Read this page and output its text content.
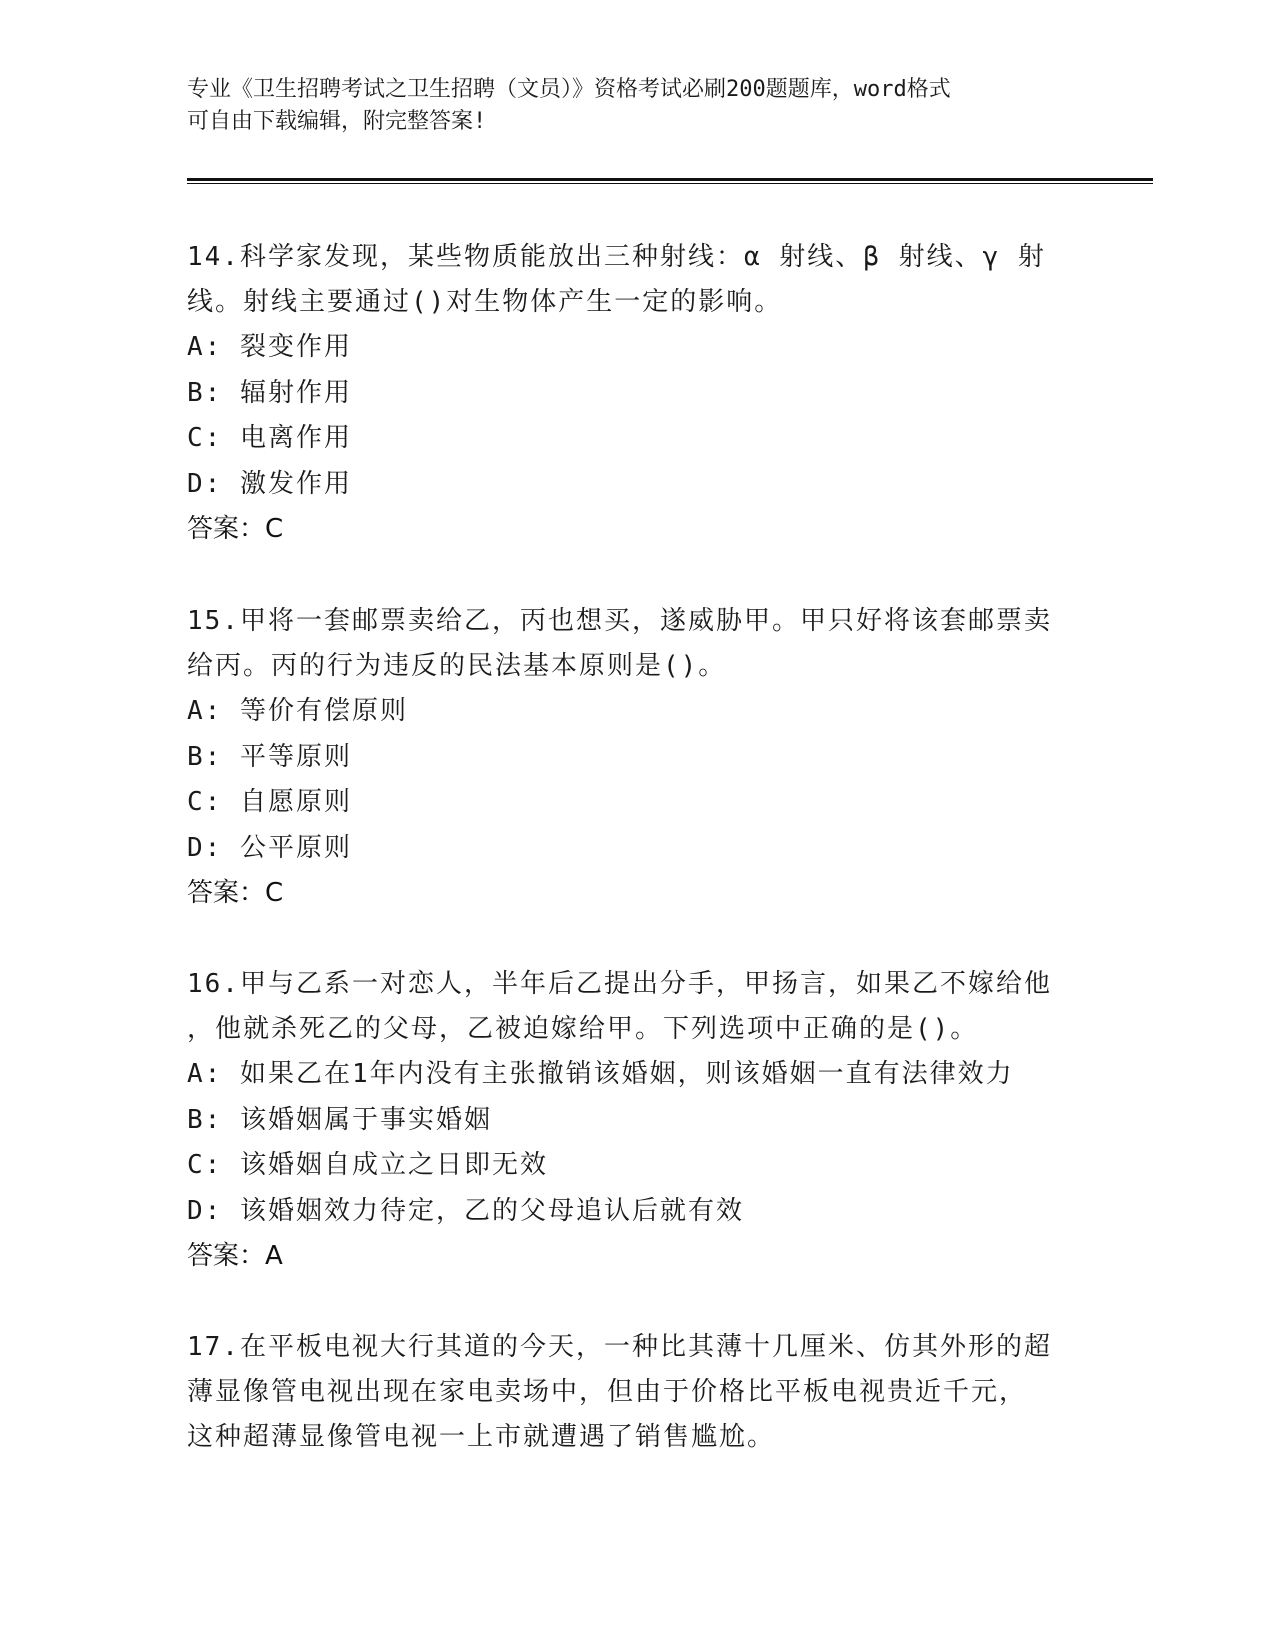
专业《卫生招聘考试之卫生招聘（文员）》资格考试必刷200题题库，word格式
可自由下载编辑，附完整答案!
14.科学家发现，某些物质能放出三种射线：α 射线、β 射线、γ 射
线。射线主要通过()对生物体产生一定的影响。
A: 裂变作用
B: 辐射作用
C: 电离作用
D: 激发作用
答案：C
15.甲将一套邮票卖给乙，丙也想买，遂威胁甲。甲只好将该套邮票卖
给丙。丙的行为违反的民法基本原则是()。
A: 等价有偿原则
B: 平等原则
C: 自愿原则
D: 公平原则
答案：C
16.甲与乙系一对恋人，半年后乙提出分手，甲扬言，如果乙不嫁给他
，他就杀死乙的父母，乙被迫嫁给甲。下列选项中正确的是()。
A: 如果乙在1年内没有主张撤销该婚姻，则该婚姻一直有法律效力
B: 该婚姻属于事实婚姻
C: 该婚姻自成立之日即无效
D: 该婚姻效力待定，乙的父母追认后就有效
答案：A
17.在平板电视大行其道的今天，一种比其薄十几厘米、仿其外形的超
薄显像管电视出现在家电卖场中，但由于价格比平板电视贵近千元，
这种超薄显像管电视一上市就遭遇了销售尴尬。
